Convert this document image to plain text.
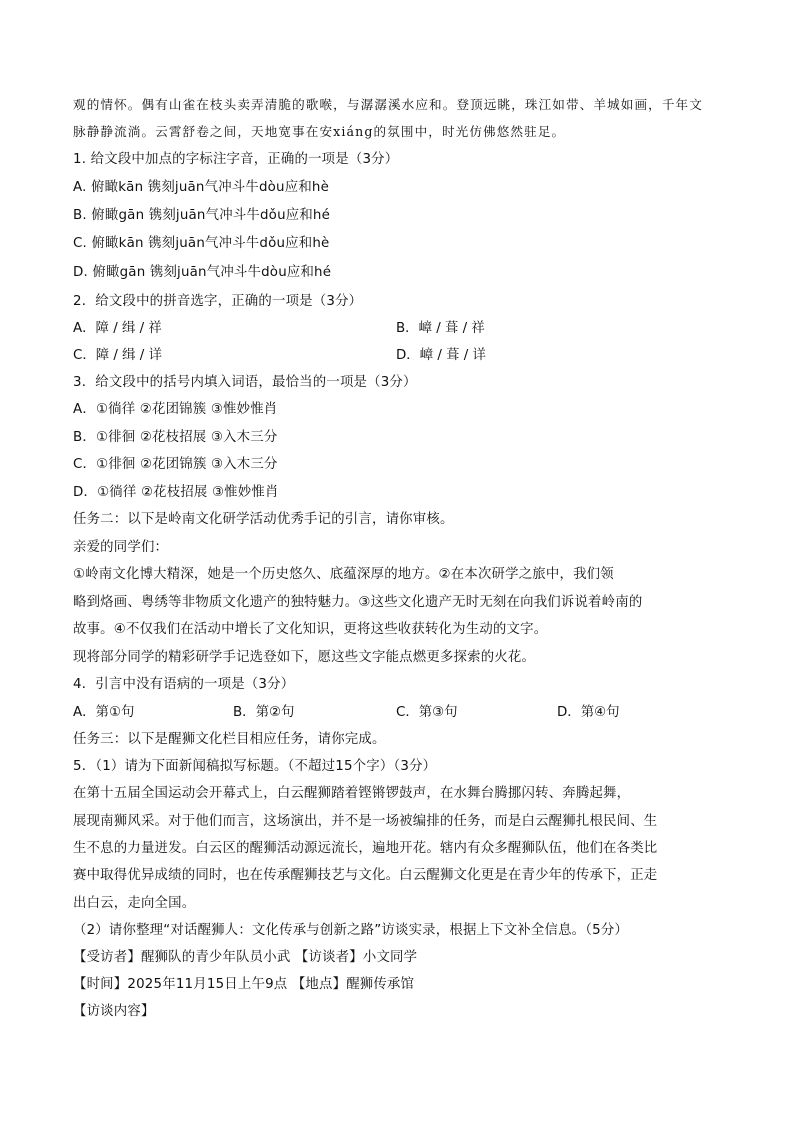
观的情怀。偶有山雀在枝头卖弄清脆的歌喉，与潺潺溪水应和。登顶远眺，珠江如带、羊城如画，千年文
脉静静流淌。云霄舒卷之间，天地宽事在安xiáng的氛围中，时光仿佛悠然驻足。
1. 给文段中加点的字标注字音，正确的一项是（3分）
A. 俯瞰kān 镌刻juān气冲斗牛dòu应和hè
B. 俯瞰gān 镌刻juān气冲斗牛dǒu应和hé
C. 俯瞰kān 镌刻juān气冲斗牛dǒu应和hè
D. 俯瞰gān 镌刻juān气冲斗牛dòu应和hé
2．给文段中的拼音选字，正确的一项是（3分）
A．障 / 缉 / 祥	B．嶂 / 葺 / 祥
C．障 / 缉 / 详	D．嶂 / 葺 / 详
3．给文段中的括号内填入词语，最恰当的一项是（3分）
A．①徜徉 ②花团锦簇 ③惟妙惟肖
B．①徘徊 ②花枝招展 ③入木三分
C．①徘徊 ②花团锦簇 ③入木三分
D．①徜徉 ②花枝招展 ③惟妙惟肖
任务二：以下是岭南文化研学活动优秀手记的引言，请你审核。
亲爱的同学们：
①岭南文化博大精深，她是一个历史悠久、底蕴深厚的地方。②在本次研学之旅中，我们领
略到烙画、粤绣等非物质文化遗产的独特魅力。③这些文化遗产无时无刻在向我们诉说着岭南的
故事。④不仅我们在活动中增长了文化知识，更将这些收获转化为生动的文字。
现将部分同学的精彩研学手记选登如下，愿这些文字能点燃更多探索的火花。
4．引言中没有语病的一项是（3分）
A．第①句	B．第②句	C．第③句	D．第④句
任务三：以下是醒狮文化栏目相应任务，请你完成。
5．（1）请为下面新闻稿拟写标题。（不超过15个字）（3分）
在第十五届全国运动会开幕式上，白云醒狮踏着铿锵锣鼓声，在水舞台腾挪闪转、奔腾起舞，
展现南狮风采。对于他们而言，这场演出，并不是一场被编排的任务，而是白云醒狮扎根民间、生
生不息的力量迸发。白云区的醒狮活动源远流长，遍地开花。辖内有众多醒狮队伍，他们在各类比
赛中取得优异成绩的同时，也在传承醒狮技艺与文化。白云醒狮文化更是在青少年的传承下，正走
出白云，走向全国。
（2）请你整理“对话醒狮人：文化传承与创新之路”访谈实录，根据上下文补全信息。（5分）
【受访者】醒狮队的青少年队员小武 【访谈者】小文同学
【时间】2025年11月15日上午9点 【地点】醒狮传承馆
【访谈内容】
